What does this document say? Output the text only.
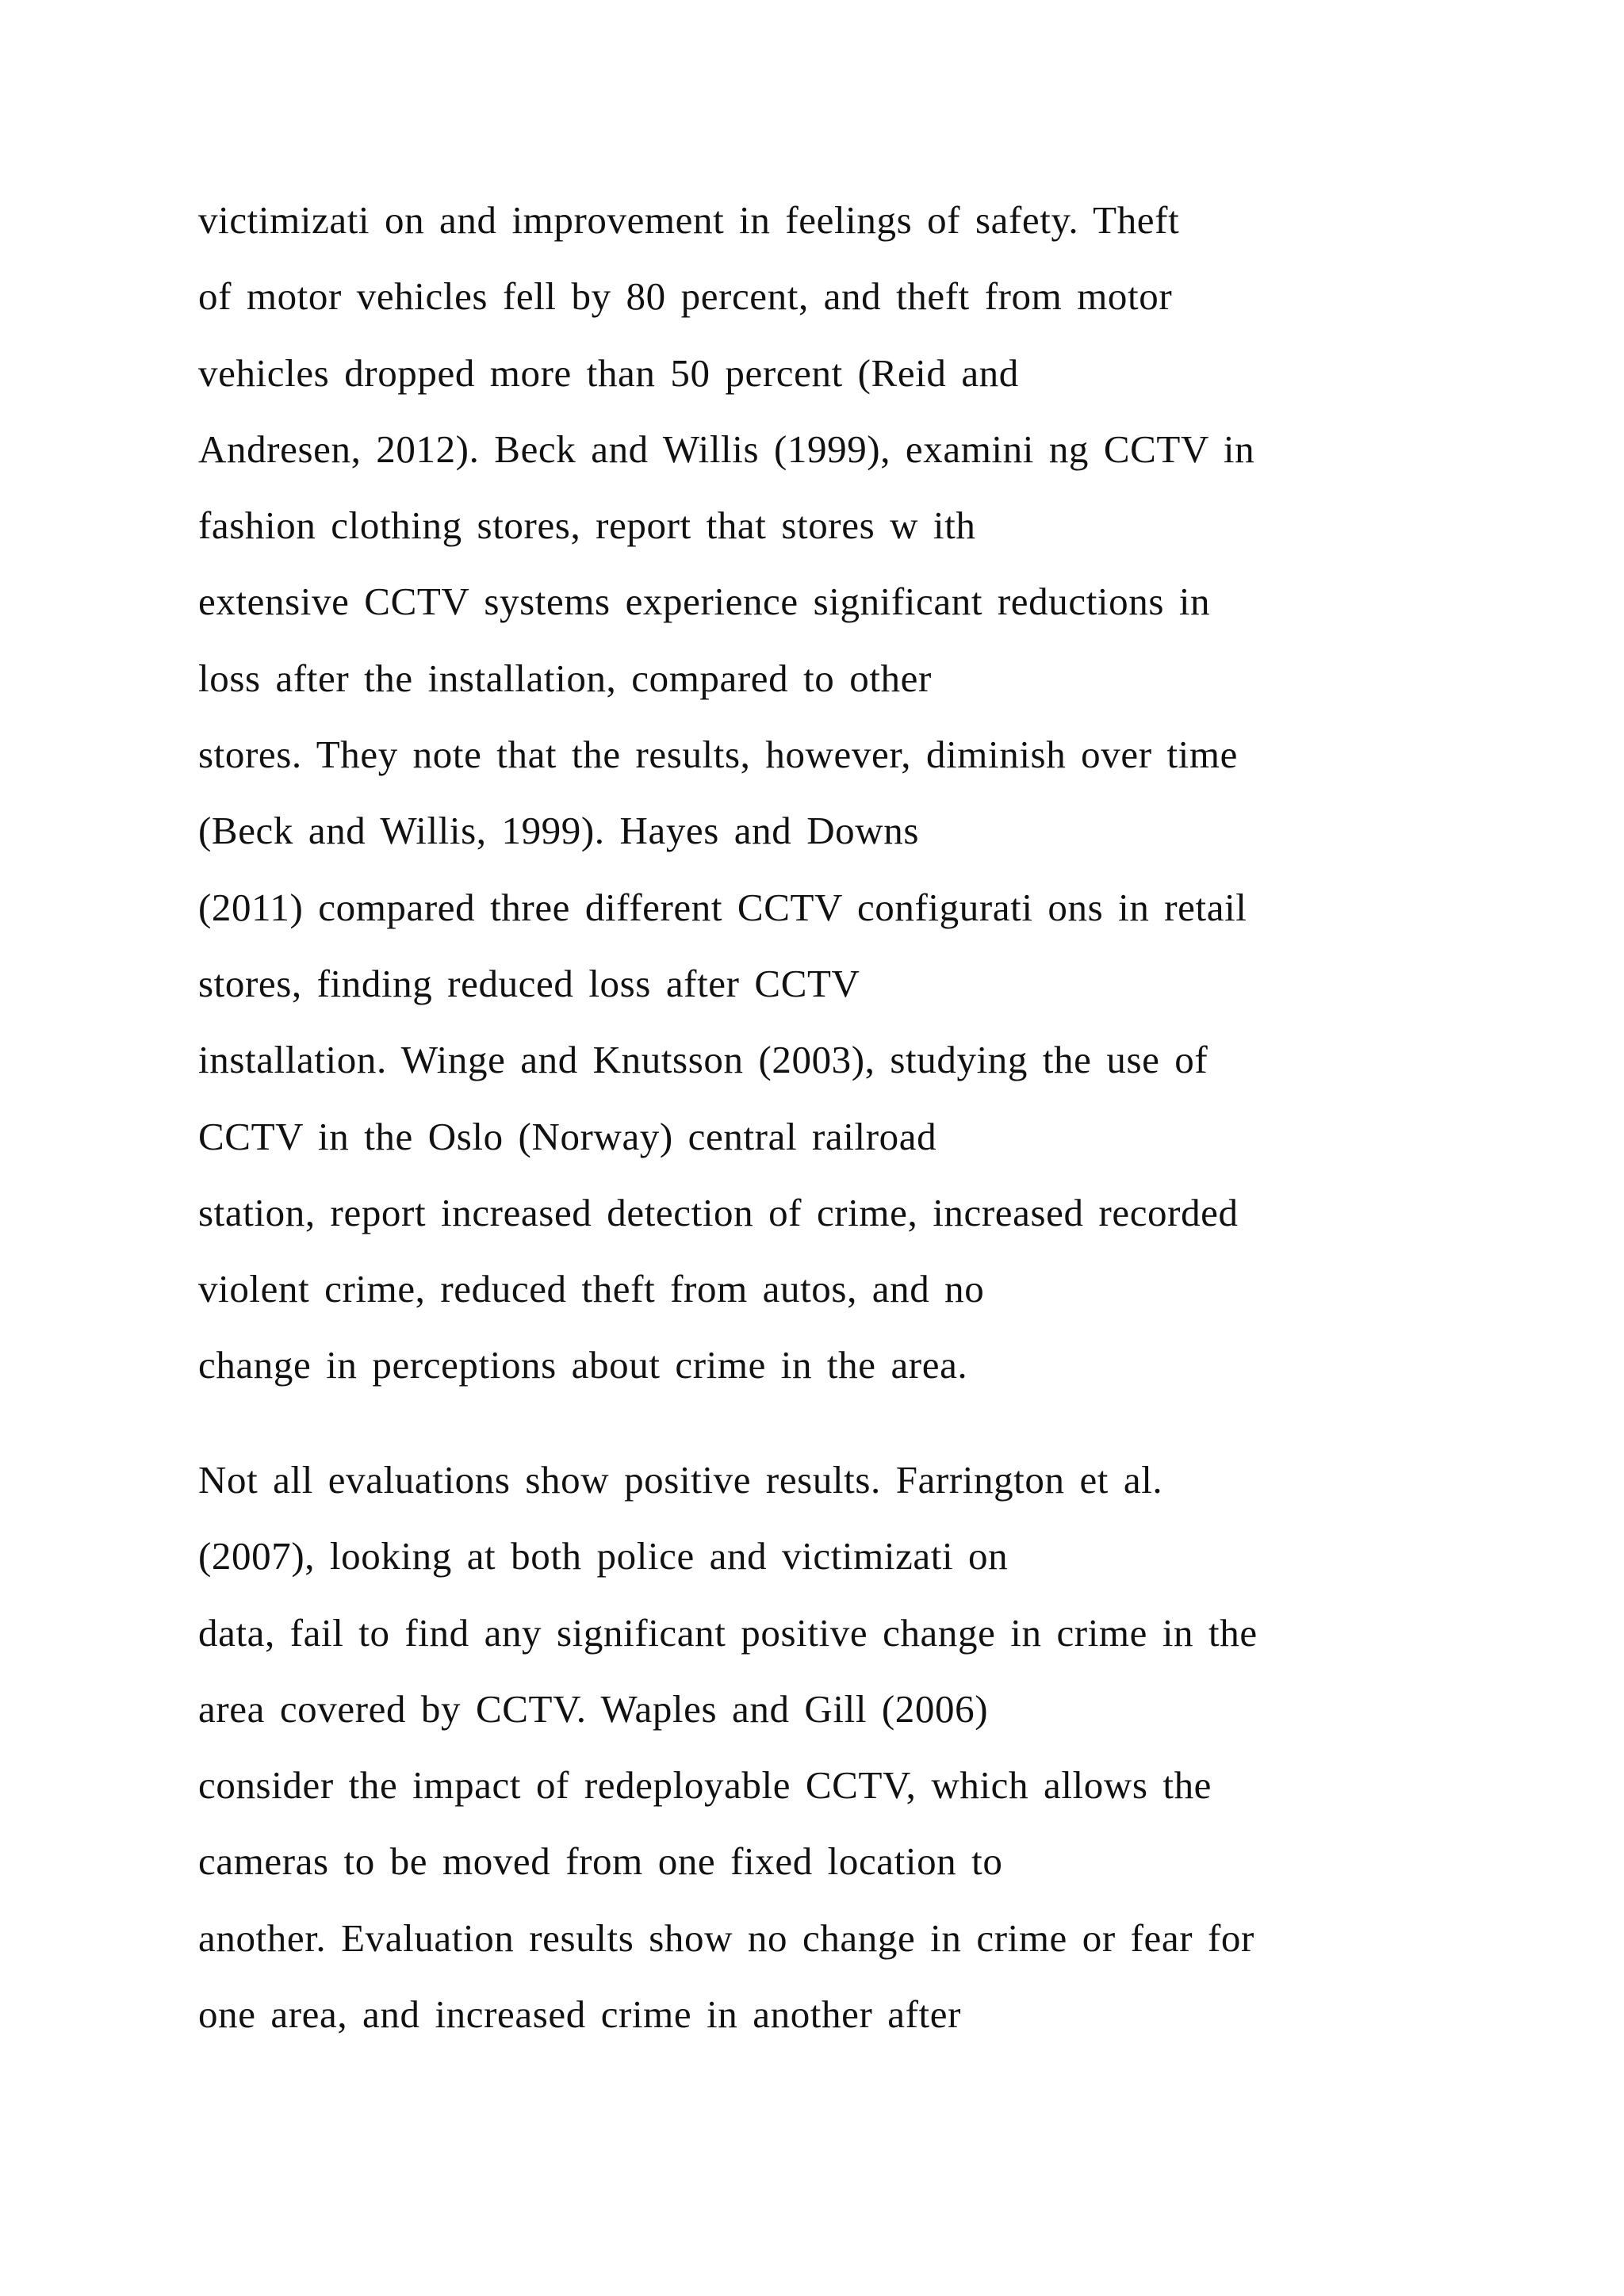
victimizati on and improvement in feelings of safety. Theft
of motor vehicles fell by 80 percent, and theft from motor
vehicles dropped more than 50 percent (Reid and
Andresen, 2012). Beck and Willis (1999), examini ng CCTV in
fashion clothing stores, report that stores w ith
extensive CCTV systems experience significant reductions in
loss after the installation, compared to other
stores. They note that the results, however, diminish over time
(Beck and Willis, 1999). Hayes and Downs
(2011) compared three different CCTV configurati ons in retail
stores, finding reduced loss after CCTV
installation. Winge and Knutsson (2003), studying the use of
CCTV in the Oslo (Norway) central railroad
station, report increased detection of crime, increased recorded
violent crime, reduced theft from autos, and no
change in perceptions about crime in the area.
Not all evaluations show positive results. Farrington et al.
(2007), looking at both police and victimizati on
data, fail to find any significant positive change in crime in the
area covered by CCTV. Waples and Gill (2006)
consider the impact of redeployable CCTV, which allows the
cameras to be moved from one fixed location to
another. Evaluation results show no change in crime or fear for
one area, and increased crime in another after
